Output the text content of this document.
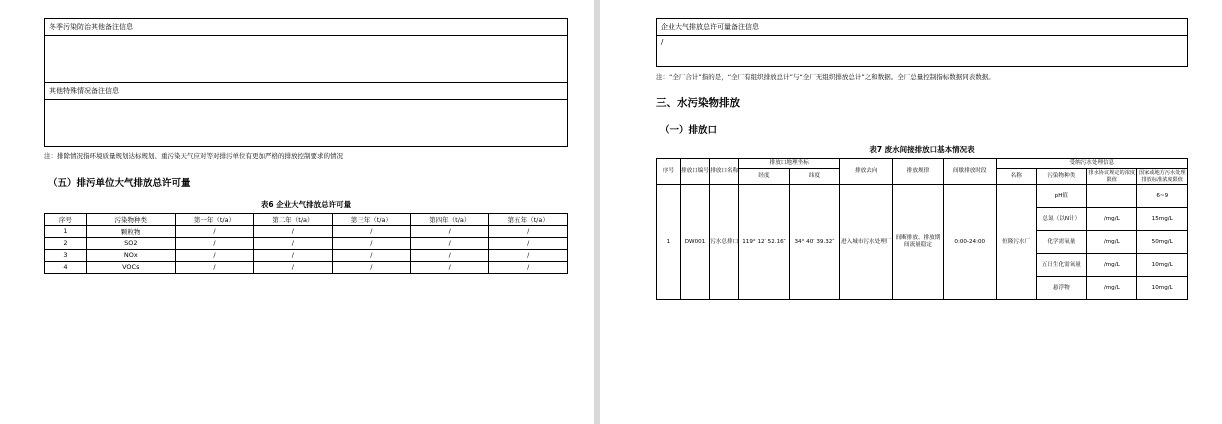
冬季污染防治其他备注信息

其他特殊情况备注信息

注：排除情况指环境质量规划达标规划、重污染天气应对等对排污单位有更加严格的排放控制要求的情况

（五）排污单位大气排放总许可量
表6 企业大气排放总许可量
序号	污染物种类	第一年（t/a）	第二年（t/a）	第三年（t/a）	第四年（t/a）	第五年（t/a）
1	颗粒物	/	/	/	/	/
2	SO2	/	/	/	/	/
3	NOx	/	/	/	/	/
4	VOCs	/	/	/	/	/
企业大气排放总许可量备注信息
/

注：“全厂合计”指的是，“全厂有组织排放总计”与“全厂无组织排放总计”之和数据。全厂总量控制指标数据同表数据。

三、水污染物排放
（一）排放口
表7 废水间接排放口基本情况表
序号	排放口编号	排放口名称	排放口地理坐标		排放去向	排放规律	间歇排放时段	受纳污水处理信息			
			经度	纬度				名称	污染物种类	排水协议规定的浓度限值	国家或地方污水处理排放标准浓度限值

1	DW001	污水总排口	119° 12′ 52.16″	34° 40′ 39.32″	进入城市污水处理厂	间断排放、排放期间流量稳定	0:00-24:00	恒隆污水厂	pH值		6~9
									总氮（以N计）	/mg/L	15mg/L
									化学需氧量	/mg/L	50mg/L
									五日生化需氧量	/mg/L	10mg/L
									悬浮物	/mg/L	10mg/L
